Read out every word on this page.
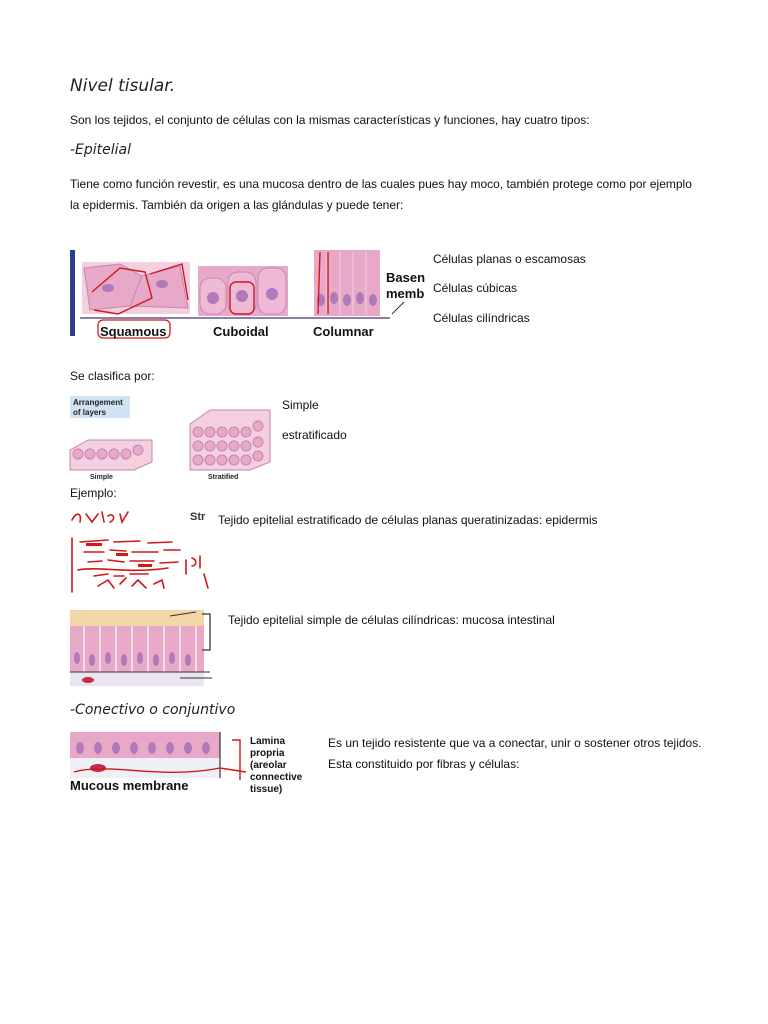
Nivel tisular.
Son los tejidos, el conjunto de células con la mismas características y funciones, hay cuatro tipos:
-Epitelial
Tiene como función revestir, es una mucosa dentro de las cuales pues hay moco, también protege como por ejemplo la epidermis. También da origen a las glándulas y puede tener:
Squamous	Cuboidal	Columnar
Basen
memb
Células planas o escamosas
Células cúbicas
Células cilíndricas
Se clasifica por:
Arrangement
of layers
Simple	Stratified
Simple
estratificado
Ejemplo:
Str Tejido epitelial estratificado de células planas queratinizadas: epidermis
Tejido epitelial simple de células cilíndricas: mucosa intestinal
-Conectivo o conjuntivo
Mucous membrane
Lamina
propria
(areolar
connective
tissue)
Es un tejido resistente que va a conectar, unir o sostener otros tejidos. Esta constituido por fibras y células:
